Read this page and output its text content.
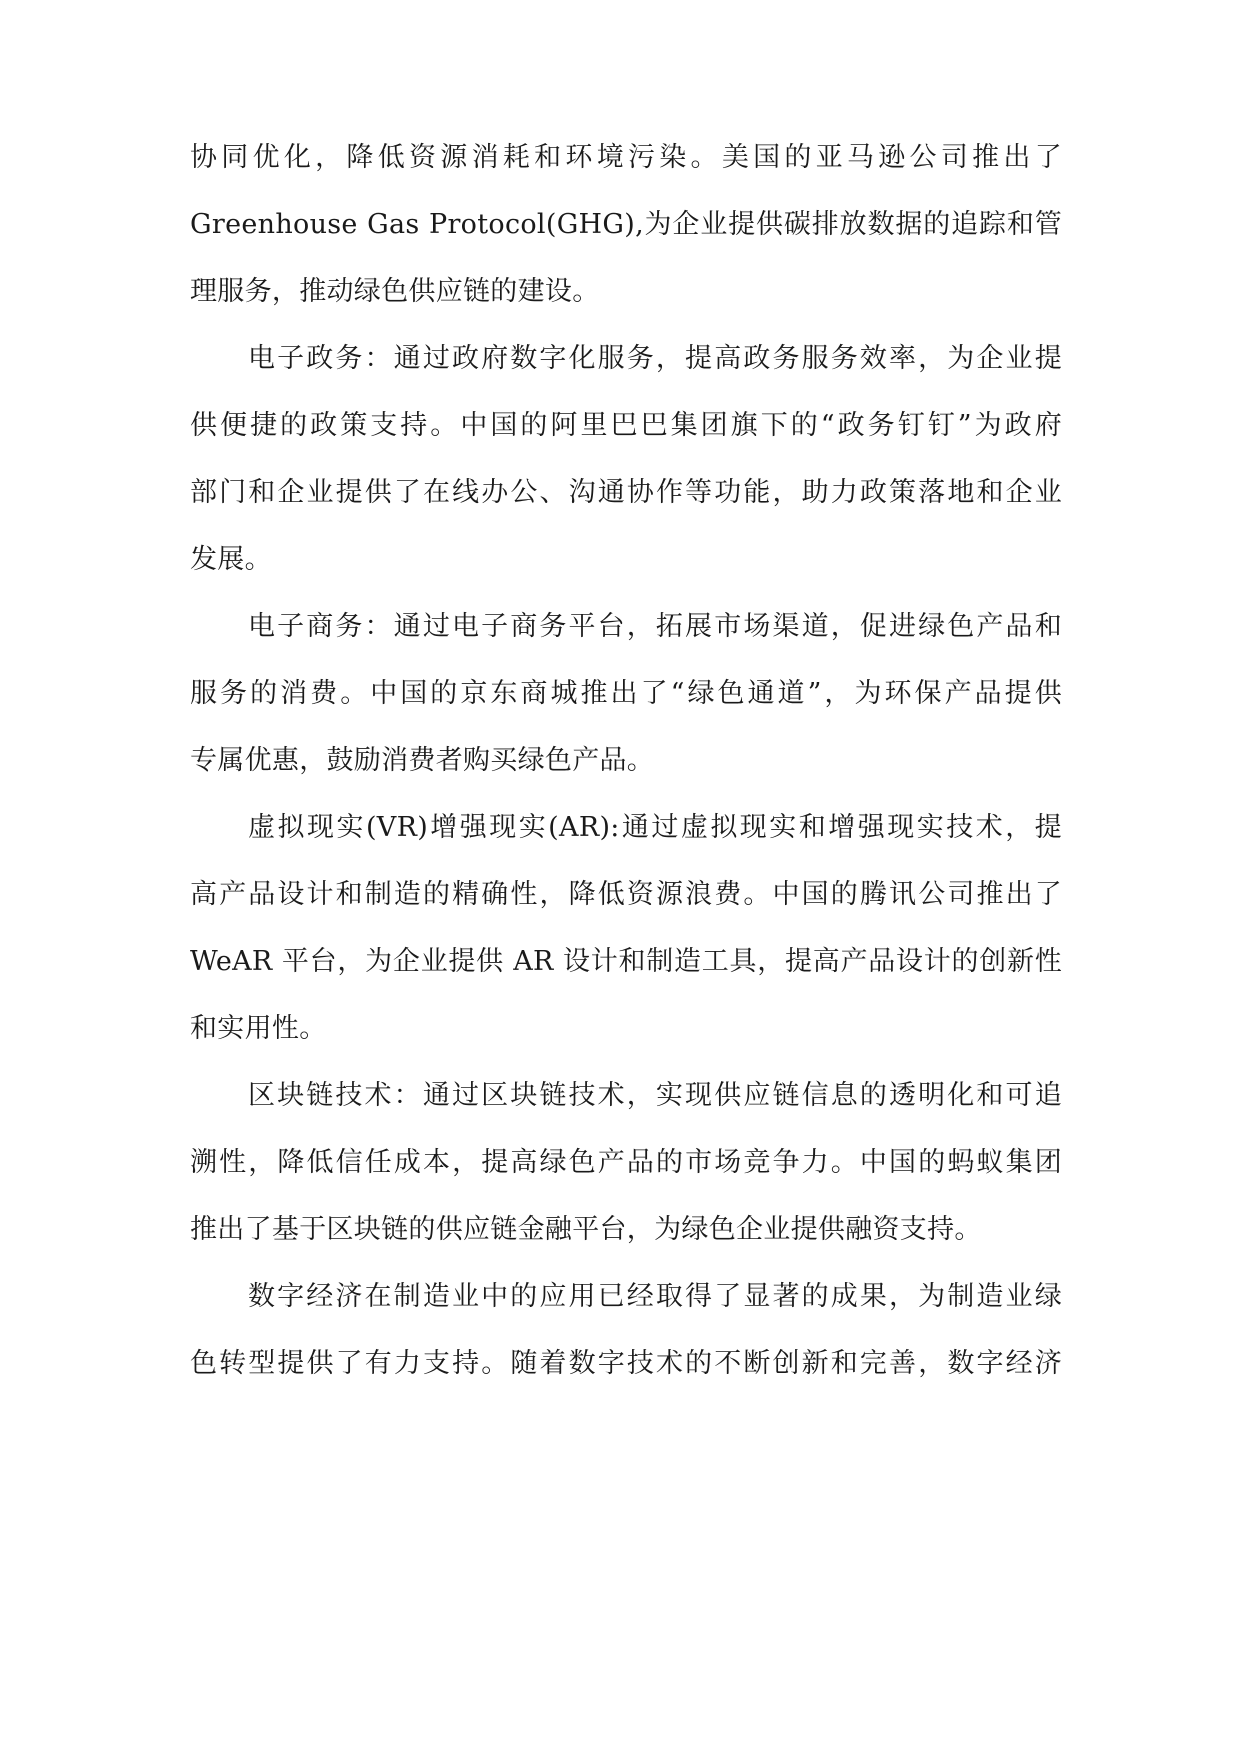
协同优化，降低资源消耗和环境污染。美国的亚马逊公司推出了
Greenhouse Gas Protocol(GHG),为企业提供碳排放数据的追踪和管
理服务，推动绿色供应链的建设。
电子政务：通过政府数字化服务，提高政务服务效率，为企业提
供便捷的政策支持。中国的阿里巴巴集团旗下的“政务钉钉”为政府
部门和企业提供了在线办公、沟通协作等功能，助力政策落地和企业
发展。
电子商务：通过电子商务平台，拓展市场渠道，促进绿色产品和
服务的消费。中国的京东商城推出了“绿色通道”，为环保产品提供
专属优惠，鼓励消费者购买绿色产品。
虚拟现实(VR)增强现实(AR):通过虚拟现实和增强现实技术，提
高产品设计和制造的精确性，降低资源浪费。中国的腾讯公司推出了
WeAR 平台，为企业提供 AR 设计和制造工具，提高产品设计的创新性
和实用性。
区块链技术：通过区块链技术，实现供应链信息的透明化和可追
溯性，降低信任成本，提高绿色产品的市场竞争力。中国的蚂蚁集团
推出了基于区块链的供应链金融平台，为绿色企业提供融资支持。
数字经济在制造业中的应用已经取得了显著的成果，为制造业绿
色转型提供了有力支持。随着数字技术的不断创新和完善，数字经济
